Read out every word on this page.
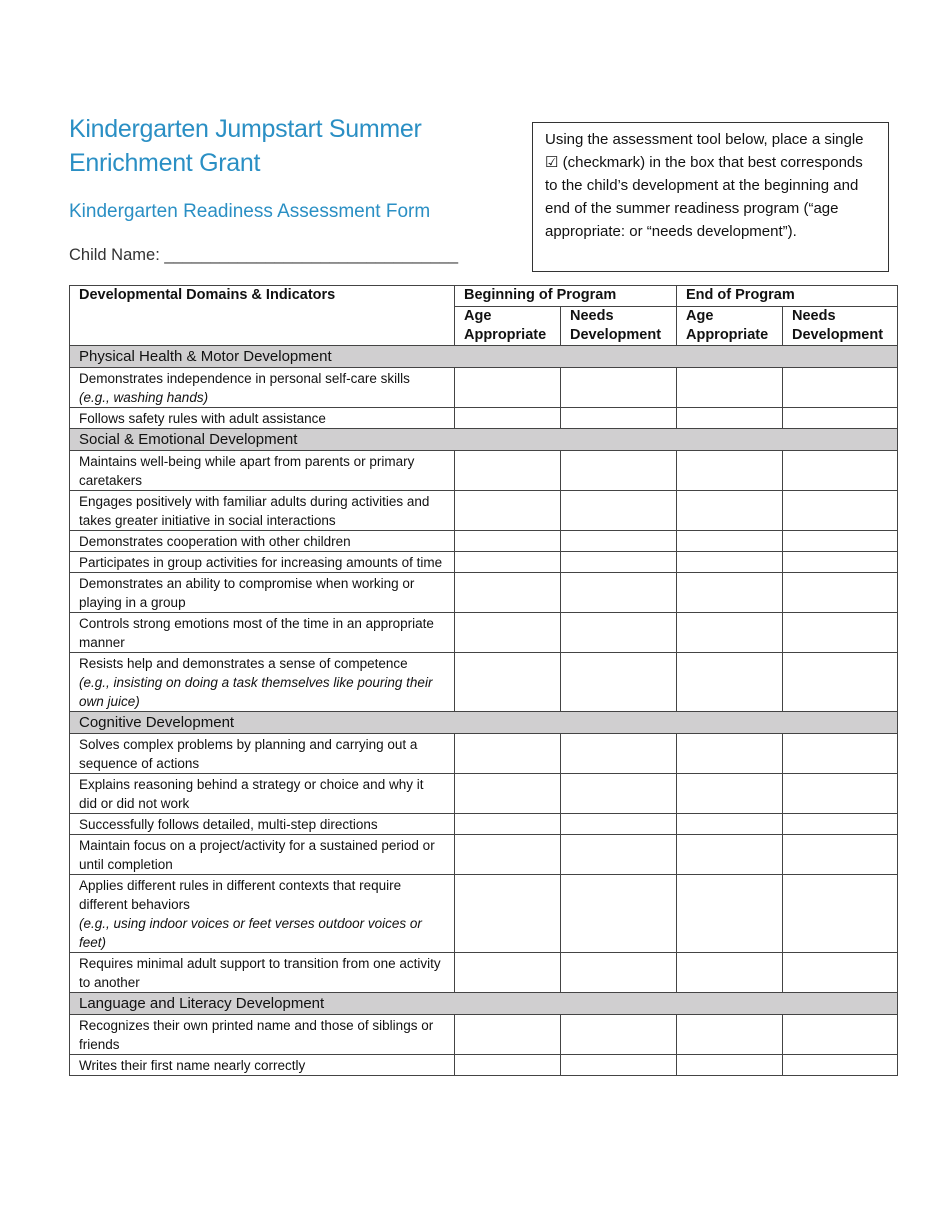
Kindergarten Jumpstart Summer Enrichment Grant
Kindergarten Readiness Assessment Form
Child Name: ________________________________
Using the assessment tool below, place a single ☑ (checkmark) in the box that best corresponds to the child’s development at the beginning and end of the summer readiness program (“age appropriate: or “needs development”).
Developmental Domains & Indicators	Beginning of Program		End of Program	
	Age Appropriate	Needs Development	Age Appropriate	Needs Development
Physical Health & Motor Development				
Demonstrates independence in personal self-care skills
(e.g., washing hands)				

Follows safety rules with adult assistance				
Social & Emotional Development				
Maintains well-being while apart from parents or primary caretakers				
Engages positively with familiar adults during activities and takes greater initiative in social interactions				
Demonstrates cooperation with other children				
Participates in group activities for increasing amounts of time				
Demonstrates an ability to compromise when working or playing in a group				
Controls strong emotions most of the time in an appropriate manner				
Resists help and demonstrates a sense of competence
(e.g., insisting on doing a task themselves like pouring their own juice)				

Cognitive Development				
Solves complex problems by planning and carrying out a sequence of actions				
Explains reasoning behind a strategy or choice and why it did or did not work				
Successfully follows detailed, multi-step directions				
Maintain focus on a project/activity for a sustained period or until completion				
Applies different rules in different contexts that require different behaviors
(e.g., using indoor voices or feet verses outdoor voices or feet)				

Requires minimal adult support to transition from one activity to another				
Language and Literacy Development				
Recognizes their own printed name and those of siblings or friends				
Writes their first name nearly correctly				
